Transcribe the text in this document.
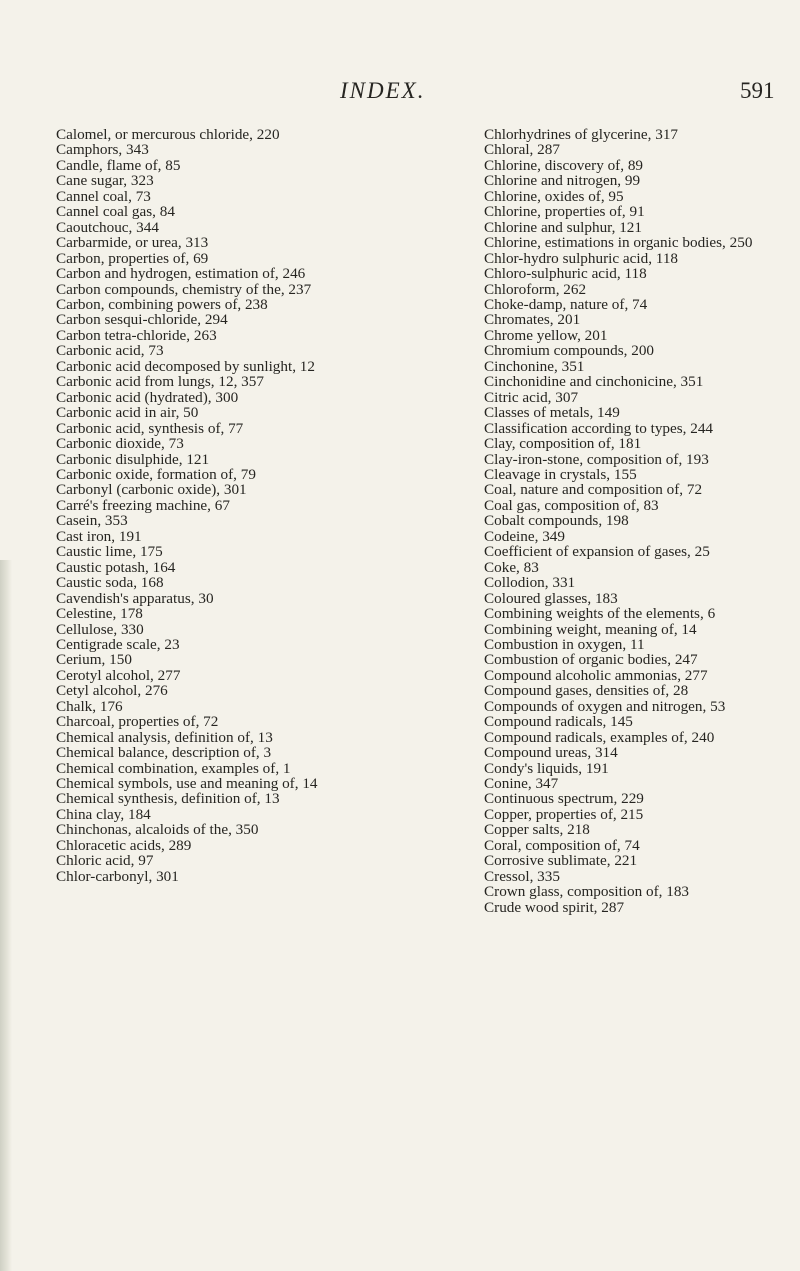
INDEX.	591
Calomel, or mercurous chloride, 220
Camphors, 343
Candle, flame of, 85
Cane sugar, 323
Cannel coal, 73
Cannel coal gas, 84
Caoutchouc, 344
Carbarmide, or urea, 313
Carbon, properties of, 69
Carbon and hydrogen, estimation of, 246
Carbon compounds, chemistry of the, 237
Carbon, combining powers of, 238
Carbon sesqui-chloride, 294
Carbon tetra-chloride, 263
Carbonic acid, 73
Carbonic acid decomposed by sunlight, 12
Carbonic acid from lungs, 12, 357
Carbonic acid (hydrated), 300
Carbonic acid in air, 50
Carbonic acid, synthesis of, 77
Carbonic dioxide, 73
Carbonic disulphide, 121
Carbonic oxide, formation of, 79
Carbonyl (carbonic oxide), 301
Carré's freezing machine, 67
Casein, 353
Cast iron, 191
Caustic lime, 175
Caustic potash, 164
Caustic soda, 168
Cavendish's apparatus, 30
Celestine, 178
Cellulose, 330
Centigrade scale, 23
Cerium, 150
Cerotyl alcohol, 277
Cetyl alcohol, 276
Chalk, 176
Charcoal, properties of, 72
Chemical analysis, definition of, 13
Chemical balance, description of, 3
Chemical combination, examples of, 1
Chemical symbols, use and meaning of, 14
Chemical synthesis, definition of, 13
China clay, 184
Chinchonas, alcaloids of the, 350
Chloracetic acids, 289
Chloric acid, 97
Chlor-carbonyl, 301
Chlorhydrines of glycerine, 317
Chloral, 287
Chlorine, discovery of, 89
Chlorine and nitrogen, 99
Chlorine, oxides of, 95
Chlorine, properties of, 91
Chlorine and sulphur, 121
Chlorine, estimations in organic bodies, 250
Chlor-hydro sulphuric acid, 118
Chloro-sulphuric acid, 118
Chloroform, 262
Choke-damp, nature of, 74
Chromates, 201
Chrome yellow, 201
Chromium compounds, 200
Cinchonine, 351
Cinchonidine and cinchonicine, 351
Citric acid, 307
Classes of metals, 149
Classification according to types, 244
Clay, composition of, 181
Clay-iron-stone, composition of, 193
Cleavage in crystals, 155
Coal, nature and composition of, 72
Coal gas, composition of, 83
Cobalt compounds, 198
Codeine, 349
Coefficient of expansion of gases, 25
Coke, 83
Collodion, 331
Coloured glasses, 183
Combining weights of the elements, 6
Combining weight, meaning of, 14
Combustion in oxygen, 11
Combustion of organic bodies, 247
Compound alcoholic ammonias, 277
Compound gases, densities of, 28
Compounds of oxygen and nitrogen, 53
Compound radicals, 145
Compound radicals, examples of, 240
Compound ureas, 314
Condy's liquids, 191
Conine, 347
Continuous spectrum, 229
Copper, properties of, 215
Copper salts, 218
Coral, composition of, 74
Corrosive sublimate, 221
Cressol, 335
Crown glass, composition of, 183
Crude wood spirit, 287
